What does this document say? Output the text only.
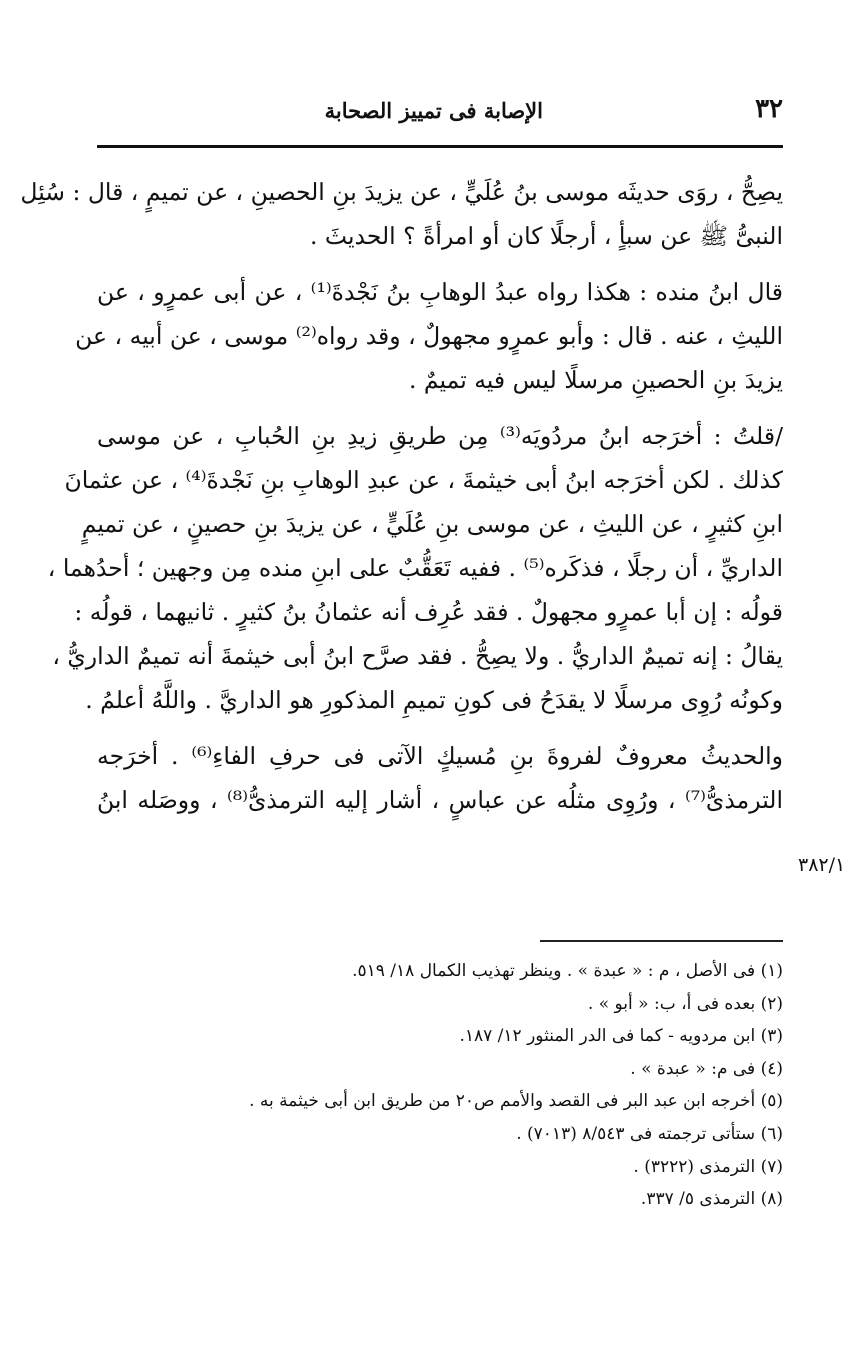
٣٢
الإصابة فى تمييز الصحابة
٣٨٢/١
يصِحُّ ، روَى حديثَه موسى بنُ عُلَيٍّ ، عن يزيدَ بنِ الحصينِ ، عن تميمٍ ، قال : سُئِل
النبىُّ ﷺ عن سبأٍ ، أرجلًا كان أو امرأةً ؟ الحديثَ .
قال ابنُ منده : هكذا رواه عبدُ الوهابِ بنُ نَجْدةَ⁽¹⁾ ، عن أبى عمرٍو ، عن
الليثِ ، عنه . قال : وأبو عمرٍو مجهولٌ ، وقد رواه⁽²⁾ موسى ، عن أبيه ، عن
يزيدَ بنِ الحصينِ مرسلًا ليس فيه تميمٌ .
/قلتُ : أخرَجه ابنُ مردُويَه⁽³⁾ مِن طريقِ زيدِ بنِ الحُبابِ ، عن موسى
كذلك . لكن أخرَجه ابنُ أبى خيثمةَ ، عن عبدِ الوهابِ بنِ نَجْدةَ⁽⁴⁾ ، عن عثمانَ
ابنِ كثيرٍ ، عن الليثِ ، عن موسى بنِ عُلَيٍّ ، عن يزيدَ بنِ حصينٍ ، عن تميمٍ
الداريِّ ، أن رجلًا ، فذكَره⁽⁵⁾ . ففيه تَعَقُّبٌ على ابنِ منده مِن وجهين ؛ أحدُهما ،
قولُه : إن أبا عمرٍو مجهولٌ . فقد عُرِف أنه عثمانُ بنُ كثيرٍ . ثانيهما ، قولُه :
يقالُ : إنه تميمٌ الداريُّ . ولا يصِحُّ . فقد صرَّح ابنُ أبى خيثمةَ أنه تميمٌ الداريُّ ،
وكونُه رُوِى مرسلًا لا يقدَحُ فى كونِ تميمِ المذكورِ هو الداريَّ . واللَّهُ أعلمُ .
والحديثُ معروفٌ لفروةَ بنِ مُسيكٍ الآتى فى حرفِ الفاءِ⁽⁶⁾ . أخرَجه
الترمذىُّ⁽⁷⁾ ، ورُوِى مثلُه عن عباسٍ ، أشار إليه الترمذىُّ⁽⁸⁾ ، ووصَله ابنُ
(١) فى الأصل ، م : « عبدة » . وينظر تهذيب الكمال ١٨/ ٥١٩.
(٢) بعده فى أ، ب: « أبو » .
(٣) ابن مردويه - كما فى الدر المنثور ١٢/ ١٨٧.
(٤) فى م: « عبدة » .
(٥) أخرجه ابن عبد البر فى القصد والأمم ص٢٠ من طريق ابن أبى خيثمة به .
(٦) ستأتى ترجمته فى ٨/٥٤٣ (٧٠١٣) .
(٧) الترمذى (٣٢٢٢) .
(٨) الترمذى ٥/ ٣٣٧.
